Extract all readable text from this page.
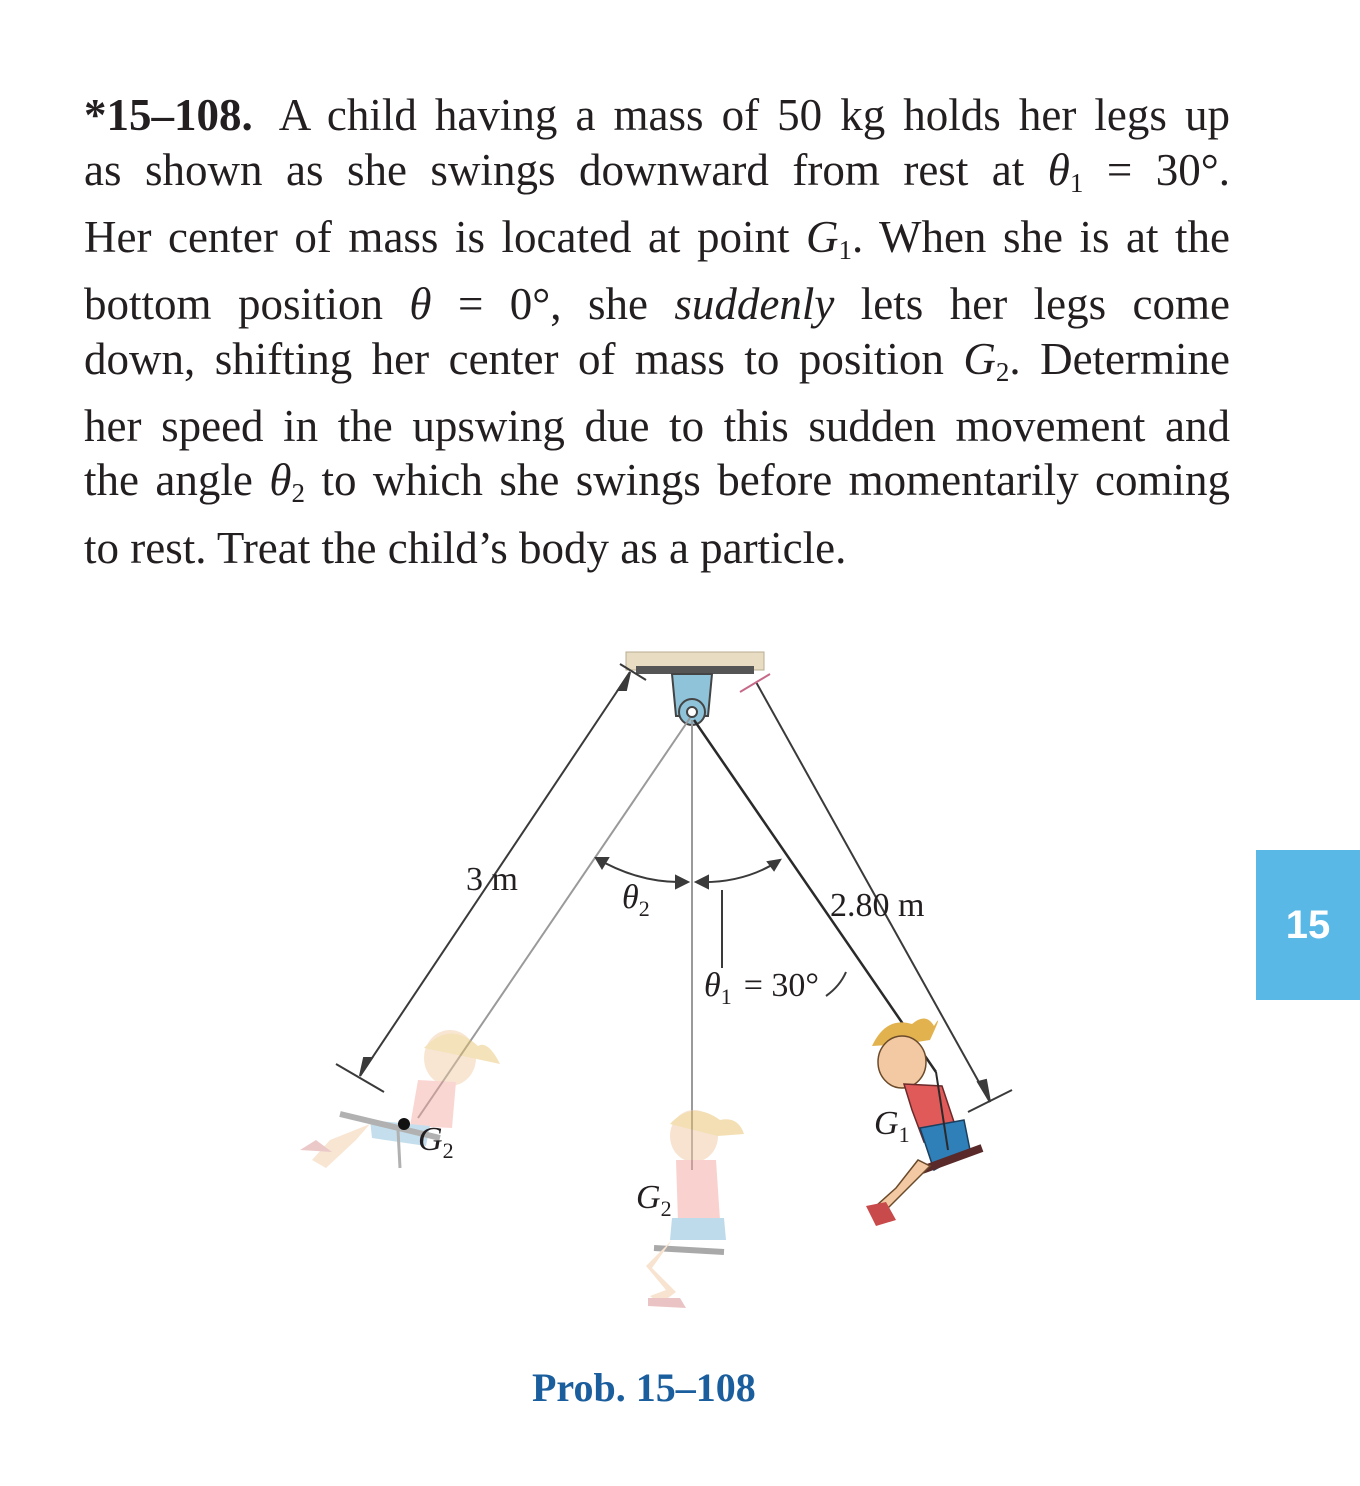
*15–108. A child having a mass of 50 kg holds her legs up
as shown as she swings downward from rest at $\theta_1 = 30^\circ$.
Her center of mass is located at point $G_1$. When she is at the
bottom position θ = 0°, she suddenly lets her legs come
down, shifting her center of mass to position $G_2$. Determine
her speed in the upswing due to this sudden movement and
the angle $\theta_2$ to which she swings before momentarily coming
to rest. Treat the child’s body as a particle.
3 m
2.80 m
$\theta_2$
$\theta_1 = 30^\circ$
$G_2$
$G_2$
$G_1$
Prob. 15–108
15
